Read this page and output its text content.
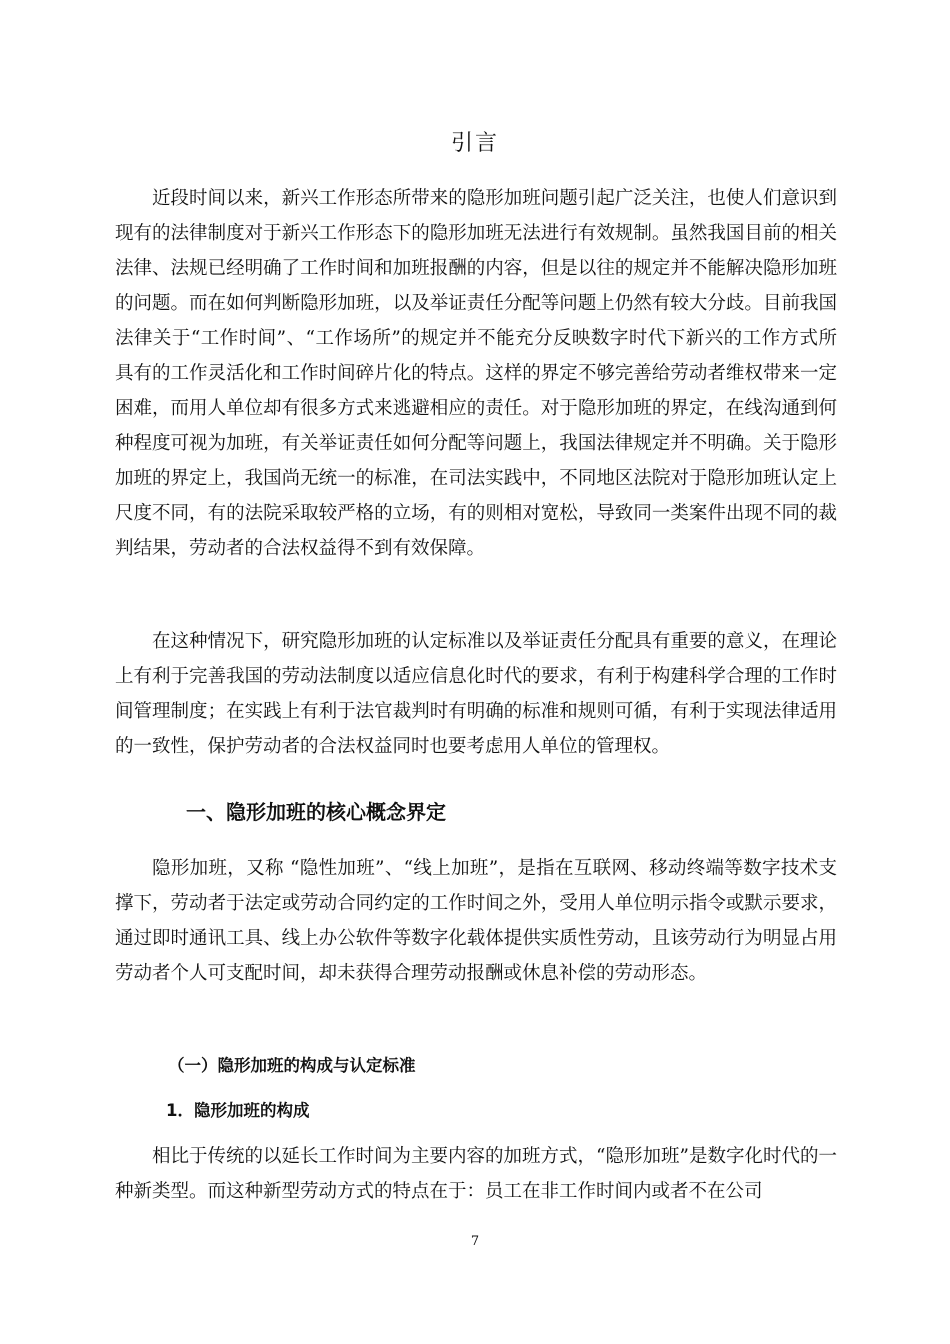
引言

近段时间以来，新兴工作形态所带来的隐形加班问题引起广泛关注，也使人们意识到现有的法律制度对于新兴工作形态下的隐形加班无法进行有效规制。虽然我国目前的相关法律、法规已经明确了工作时间和加班报酬的内容，但是以往的规定并不能解决隐形加班的问题。而在如何判断隐形加班，以及举证责任分配等问题上仍然有较大分歧。目前我国法律关于“工作时间”、“工作场所”的规定并不能充分反映数字时代下新兴的工作方式所具有的工作灵活化和工作时间碎片化的特点。这样的界定不够完善给劳动者维权带来一定困难，而用人单位却有很多方式来逃避相应的责任。对于隐形加班的界定，在线沟通到何种程度可视为加班，有关举证责任如何分配等问题上，我国法律规定并不明确。关于隐形加班的界定上，我国尚无统一的标准，在司法实践中，不同地区法院对于隐形加班认定上尺度不同，有的法院采取较严格的立场，有的则相对宽松，导致同一类案件出现不同的裁判结果，劳动者的合法权益得不到有效保障。

在这种情况下，研究隐形加班的认定标准以及举证责任分配具有重要的意义，在理论上有利于完善我国的劳动法制度以适应信息化时代的要求，有利于构建科学合理的工作时间管理制度；在实践上有利于法官裁判时有明确的标准和规则可循，有利于实现法律适用的一致性，保护劳动者的合法权益同时也要考虑用人单位的管理权。

一、隐形加班的核心概念界定

隐形加班，又称 “隐性加班”、“线上加班”，是指在互联网、移动终端等数字技术支撑下，劳动者于法定或劳动合同约定的工作时间之外，受用人单位明示指令或默示要求，通过即时通讯工具、线上办公软件等数字化载体提供实质性劳动，且该劳动行为明显占用劳动者个人可支配时间，却未获得合理劳动报酬或休息补偿的劳动形态。

（一）隐形加班的构成与认定标准
1．隐形加班的构成

相比于传统的以延长工作时间为主要内容的加班方式，“隐形加班”是数字化时代的一种新类型。而这种新型劳动方式的特点在于：员工在非工作时间内或者不在公司

7
